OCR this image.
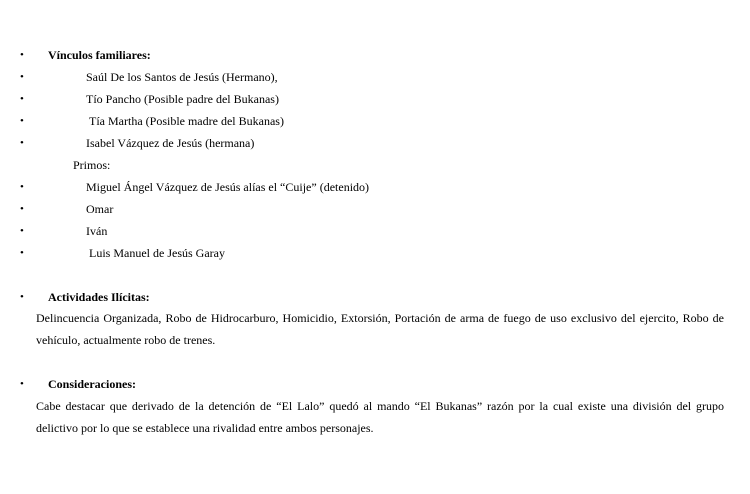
• Vínculos familiares:
•	Saúl De los Santos de Jesús (Hermano),
•	Tío Pancho (Posible padre del Bukanas)
•	Tía Martha (Posible madre del Bukanas)
•	Isabel Vázquez de Jesús (hermana)
Primos:
•	Miguel Ángel Vázquez de Jesús alías el “Cuije” (detenido)
•	Omar
•	Iván
•	Luis Manuel de Jesús Garay
• Actividades Ilícitas:
Delincuencia Organizada, Robo de Hidrocarburo, Homicidio, Extorsión, Portación de arma de fuego de uso exclusivo del ejercito, Robo de vehículo, actualmente robo de trenes.
• Consideraciones:
Cabe destacar que derivado de la detención de “El Lalo” quedó al mando “El Bukanas” razón por la cual existe una división del grupo delictivo por lo que se establece una rivalidad entre ambos personajes.
